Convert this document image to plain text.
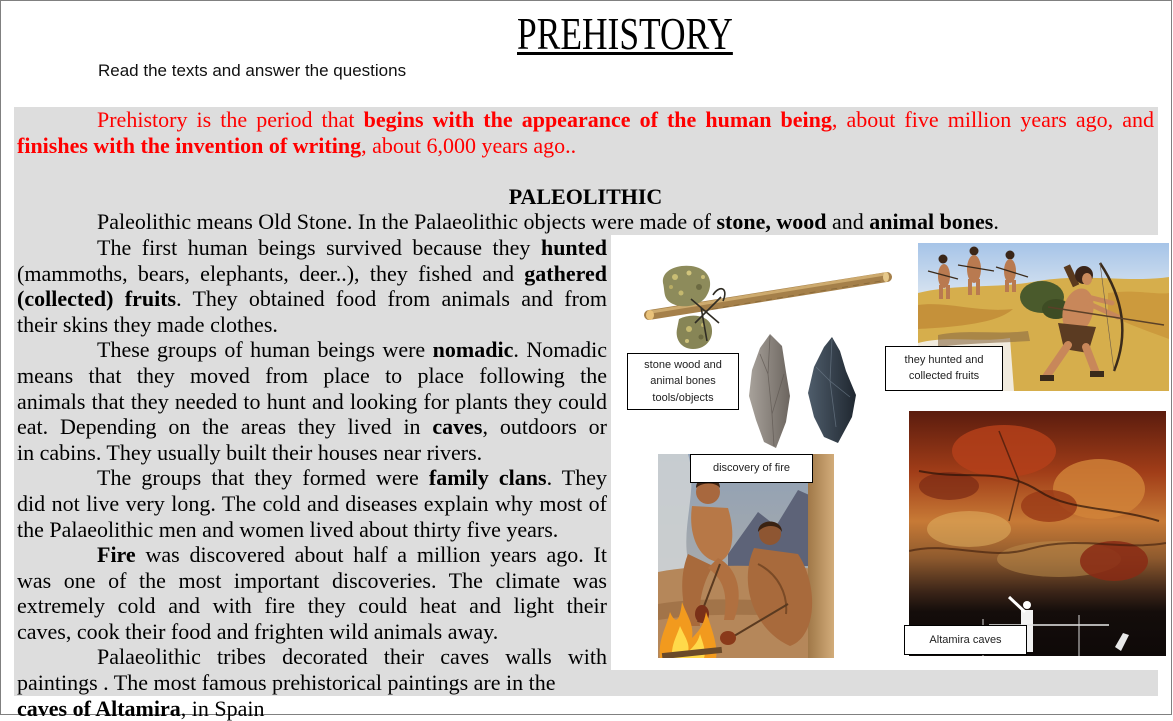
PREHISTORY
Read the texts and answer the questions
Prehistory is the period that begins with the appearance of the human being, about five million years ago, and
finishes with the invention of writing, about 6,000 years ago..
PALEOLITHIC
Paleolithic means Old Stone. In the Palaeolithic objects were made of stone, wood and animal bones.
stone wood and
animal bones
tools/objects
they hunted and
collected fruits
discovery of fire
Altamira caves
The first human beings survived because they hunted
(mammoths, bears, elephants, deer..), they fished and gathered
(collected) fruits. They obtained food from animals and from
their skins they made clothes.
These groups of human beings were nomadic. Nomadic
means that they moved from place to place following the
animals that they needed to hunt and looking for plants they could
eat. Depending on the areas they lived in caves, outdoors or
in cabins. They usually built their houses near rivers.
The groups that they formed were family clans. They
did not live very long. The cold and diseases explain why most of
the Palaeolithic men and women lived about thirty five years.
Fire was discovered about half a million years ago. It
was one of the most important discoveries. The climate was
extremely cold and with fire they could heat and light their
caves, cook their food and frighten wild animals away.
Palaeolithic tribes decorated their caves walls with
paintings . The most famous prehistorical paintings are in the caves of Altamira, in Spain
